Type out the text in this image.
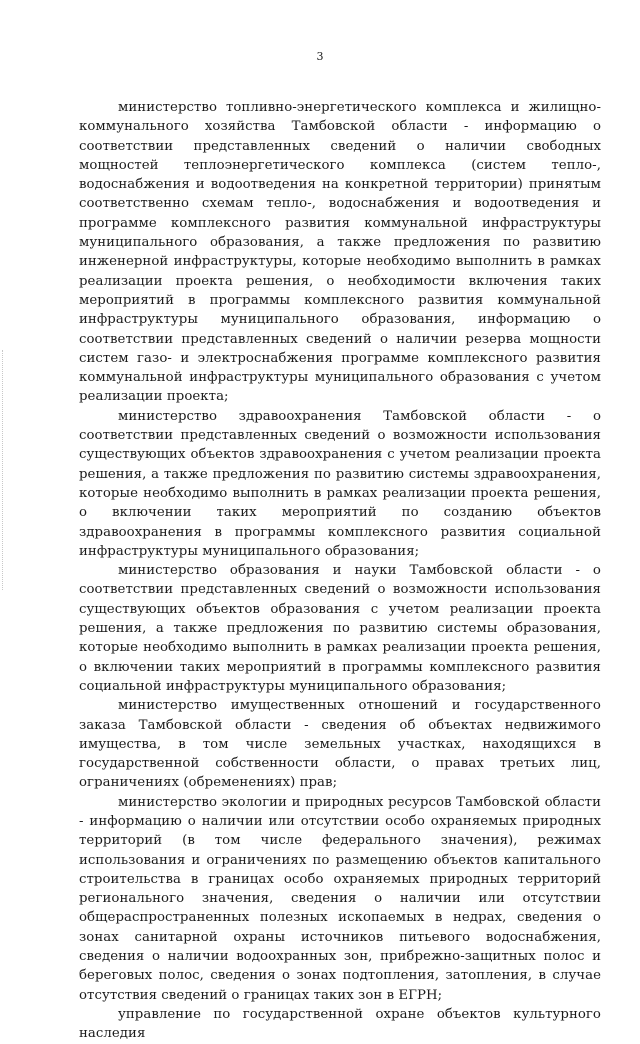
3

министерство топливно-энергетического комплекса и жилищно-коммунального хозяйства Тамбовской области - информацию о соответствии представленных сведений о наличии свободных мощностей теплоэнергетического комплекса (систем тепло-, водоснабжения и водоотведения на конкретной территории) принятым соответственно схемам тепло-, водоснабжения и водоотведения и программе комплексного развития коммунальной инфраструктуры муниципального образования, а также предложения по развитию инженерной инфраструктуры, которые необходимо выполнить в рамках реализации проекта решения, о необходимости включения таких мероприятий в программы комплексного развития коммунальной инфраструктуры муниципального образования, информацию о соответствии представленных сведений о наличии резерва мощности систем газо- и электроснабжения программе комплексного развития коммунальной инфраструктуры муниципального образования с учетом реализации проекта;

министерство здравоохранения Тамбовской области - о соответствии представленных сведений о возможности использования существующих объектов здравоохранения с учетом реализации проекта решения, а также предложения по развитию системы здравоохранения, которые необходимо выполнить в рамках реализации проекта решения, о включении таких мероприятий по созданию объектов здравоохранения в программы комплексного развития социальной инфраструктуры муниципального образования;

министерство образования и науки Тамбовской области - о соответствии представленных сведений о возможности использования существующих объектов образования с учетом реализации проекта решения, а также предложения по развитию системы образования, которые необходимо выполнить в рамках реализации проекта решения, о включении таких мероприятий в программы комплексного развития социальной инфраструктуры муниципального образования;

министерство имущественных отношений и государственного заказа Тамбовской области - сведения об объектах недвижимого имущества, в том числе земельных участках, находящихся в государственной собственности области, о правах третьих лиц, ограничениях (обременениях) прав;

министерство экологии и природных ресурсов Тамбовской области - информацию о наличии или отсутствии особо охраняемых природных территорий (в том числе федерального значения), режимах использования и ограничениях по размещению объектов капитального строительства в границах особо охраняемых природных территорий регионального значения, сведения о наличии или отсутствии общераспространенных полезных ископаемых в недрах, сведения о зонах санитарной охраны источников питьевого водоснабжения, сведения о наличии водоохранных зон, прибрежно-защитных полос и береговых полос, сведения о зонах подтопления, затопления, в случае отсутствия сведений о границах таких зон в ЕГРН;

управление по государственной охране объектов культурного наследия
